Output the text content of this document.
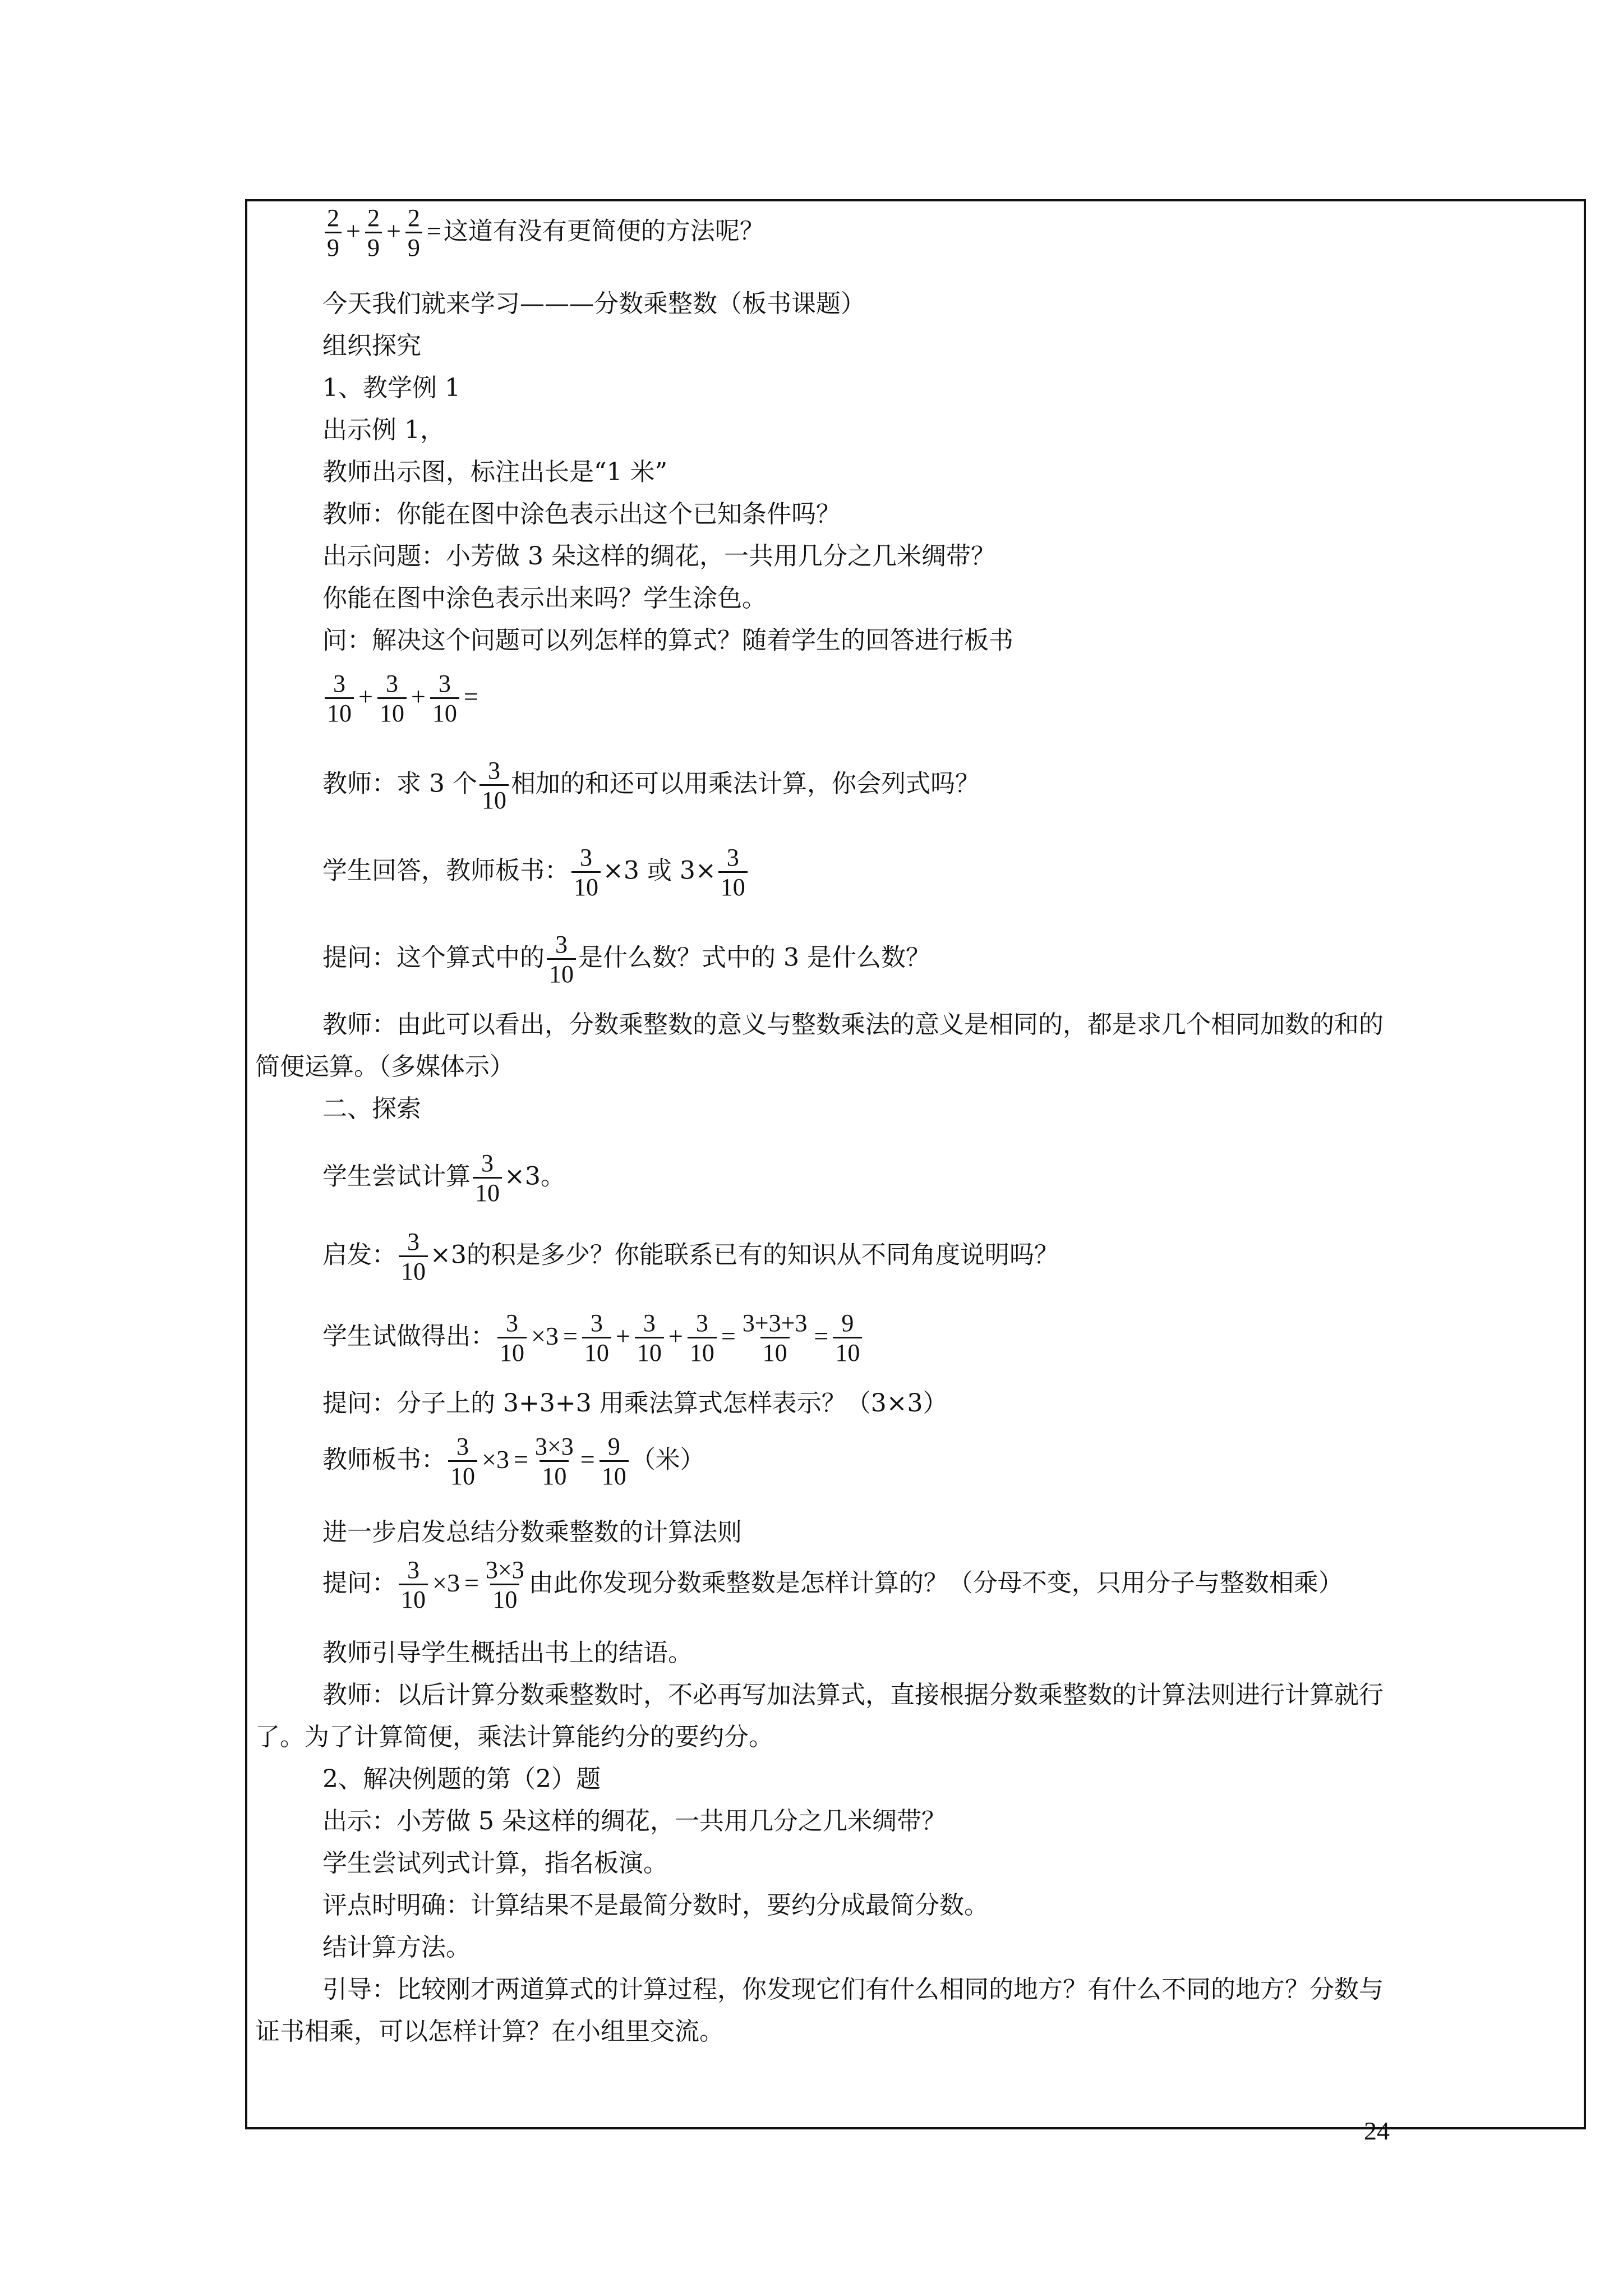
$\frac{2}{9} + \frac{2}{9} + \frac{2}{9}$ =这道有没有更简便的方法呢？
今天我们就来学习———分数乘整数（板书课题）
组织探究
1、教学例 1
出示例 1，
教师出示图，标注出长是“1 米”
教师：你能在图中涂色表示出这个已知条件吗？
出示问题：小芳做 3 朵这样的绸花，一共用几分之几米绸带？
你能在图中涂色表示出来吗？学生涂色。
问：解决这个问题可以列怎样的算式？随着学生的回答进行板书
$\frac{3}{10} + \frac{3}{10} + \frac{3}{10}$ =
教师：求 3 个 $\frac{3}{10}$ 相加的和还可以用乘法计算，你会列式吗？
学生回答，教师板书： $\frac{3}{10} \times 3$ 或 $3\times \frac{3}{10}$
提问：这个算式中的 $\frac{3}{10}$ 是什么数？式中的 3 是什么数？
教师：由此可以看出，分数乘整数的意义与整数乘法的意义是相同的，都是求几个相同加数的和的
简便运算。（多媒体示）
二、探索
学生尝试计算 $\frac{3}{10} \times 3$。
启发： $\frac{3}{10} \times 3$的积是多少？你能联系已有的知识从不同角度说明吗？
学生试做得出： $\frac{3}{10} \times 3 = \frac{3}{10} + \frac{3}{10} + \frac{3}{10} = \frac{3+3+3}{10} = \frac{9}{10}$
提问：分子上的 3+3+3 用乘法算式怎样表示？（3×3）
教师板书： $\frac{3}{10} \times 3 = \frac{3\times 3}{10} = \frac{9}{10}$ （米）
进一步启发总结分数乘整数的计算法则
提问： $\frac{3}{10} \times 3 = \frac{3\times 3}{10}$ 由此你发现分数乘整数是怎样计算的？（分母不变，只用分子与整数相乘）
教师引导学生概括出书上的结语。
教师：以后计算分数乘整数时，不必再写加法算式，直接根据分数乘整数的计算法则进行计算就行
了。为了计算简便，乘法计算能约分的要约分。
2、解决例题的第（2）题
出示：小芳做 5 朵这样的绸花，一共用几分之几米绸带？
学生尝试列式计算，指名板演。
评点时明确：计算结果不是最简分数时，要约分成最简分数。
结计算方法。
引导：比较刚才两道算式的计算过程，你发现它们有什么相同的地方？有什么不同的地方？分数与
证书相乘，可以怎样计算？在小组里交流。
24
